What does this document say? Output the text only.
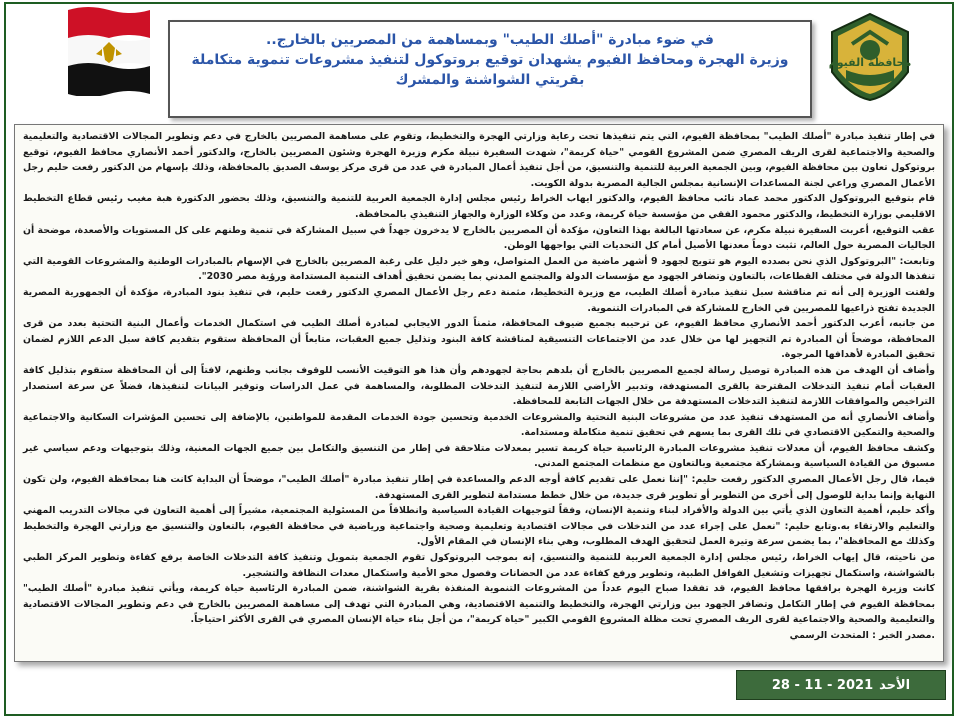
محافظة الفيوم

في ضوء مبادرة "أصلك الطيب" وبمساهمة من المصريين بالخارج..

وزيرة الهجرة ومحافظ الفيوم يشهدان توقيع بروتوكول لتنفيذ مشروعات تنموية متكاملة بقريتي الشواشنة والمشرك

في إطار تنفيذ مبادرة "أصلك الطيب" بمحافظة الفيوم، التي يتم تنفيذها تحت رعاية وزارتي الهجرة والتخطيط، وتقوم على مساهمة المصريين بالخارج في دعم وتطوير المجالات الاقتصادية والتعليمية والصحية والاجتماعية لقرى الريف المصري ضمن المشروع القومي "حياة كريمة"، شهدت السفيرة نبيلة مكرم وزيرة الهجرة وشئون المصريين بالخارج، والدكتور أحمد الأنصاري محافظ الفيوم، توقيع بروتوكول تعاون بين محافظة الفيوم، وبين الجمعية العربية للتنمية والتنسيق، من أجل تنفيذ أعمال المبادرة في عدد من قرى مركز يوسف الصديق بالمحافظة، وذلك بإسهام من الدكتور رفعت حليم رجل الأعمال المصري وراعي لجنة المساعدات الإنسانية بمجلس الجالية المصرية بدولة الكويت.

قام بتوقيع البروتوكول الدكتور محمد عماد نائب محافظ الفيوم، والدكتور ايهاب الخراط رئيس مجلس إدارة الجمعية العربية للتنمية والتنسيق، وذلك بحضور الدكتورة هبة مغيب رئيس قطاع التخطيط الاقليمي بوزارة التخطيط، والدكتور محمود الفقي من مؤسسة حياة كريمة، وعدد من وكلاء الوزارة والجهاز التنفيذي بالمحافظة.

عقب التوقيع، أعربت السفيرة نبيلة مكرم، عن سعادتها البالغة بهذا التعاون، مؤكدة أن المصريين بالخارج لا يدخرون جهداً في سبيل المشاركة في تنمية وطنهم على كل المستويات والأصعدة، موضحة أن الجاليات المصرية حول العالم، تثبت دوماً معدنها الأصيل أمام كل التحديات التي يواجهها الوطن.

وتابعت: "البروتوكول الذي نحن بصدده اليوم هو تتويج لجهود 9 أشهر ماضية من العمل المتواصل، وهو خير دليل على رغبة المصريين بالخارج في الإسهام بالمبادرات الوطنية والمشروعات القومية التي تنفذها الدولة في مختلف القطاعات، بالتعاون وتضافر الجهود مع مؤسسات الدولة والمجتمع المدني بما يضمن تحقيق أهداف التنمية المستدامة ورؤية مصر 2030".

ولفتت الوزيرة إلى أنه تم مناقشة سبل تنفيذ مبادرة أصلك الطيب، مع وزيرة التخطيط، مثمنة دعم رجل الأعمال المصري الدكتور رفعت حليم، في تنفيذ بنود المبادرة، مؤكدة أن الجمهورية المصرية الجديدة تفتح ذراعيها للمصريين في الخارج للمشاركة في المبادرات التنموية.

من جانبه، أعرب الدكتور أحمد الأنصاري محافظ الفيوم، عن ترحيبه بجميع ضيوف المحافظة، مثمناً الدور الايجابي لمبادرة أصلك الطيب في استكمال الخدمات وأعمال البنية التحتية بعدد من قرى المحافظة، موضحاً أن المبادرة تم التجهيز لها من خلال عدد من الاجتماعات التنسيقية لمناقشة كافة البنود وتذليل جميع العقبات، متابعاً أن المحافظة ستقوم بتقديم كافة سبل الدعم اللازم لضمان تحقيق المبادرة لأهدافها المرجوة.

وأضاف أن الهدف من هذه المبادرة توصيل رسالة لجميع المصريين بالخارج أن بلدهم بحاجة لجهودهم وأن هذا هو التوقيت الأنسب للوقوف بجانب وطنهم، لافتاً إلى أن المحافظة ستقوم بتذليل كافة العقبات أمام تنفيذ التدخلات المقترحة بالقرى المستهدفة، وتدبير الأراضي اللازمة لتنفيذ التدخلات المطلوبة، والمساهمة في عمل الدراسات وتوفير البيانات لتنفيذها، فضلاً عن سرعة استصدار التراخيص والموافقات اللازمة لتنفيذ التدخلات المستهدفة من خلال الجهات التابعة للمحافظة.

وأضاف الأنصاري أنه من المستهدف تنفيذ عدد من مشروعات البنية التحتية والمشروعات الخدمية وتحسين جودة الخدمات المقدمة للمواطنين، بالإضافة إلى تحسين المؤشرات السكانية والاجتماعية والصحية والتمكين الاقتصادي في تلك القرى بما يسهم في تحقيق تنمية متكاملة ومستدامة.

وكشف محافظ الفيوم، أن معدلات تنفيذ مشروعات المبادرة الرئاسية حياة كريمة تسير بمعدلات متلاحقة في إطار من التنسيق والتكامل بين جميع الجهات المعنية، وذلك بتوجيهات ودعم سياسي غير مسبوق من القيادة السياسية وبمشاركة مجتمعية وبالتعاون مع منظمات المجتمع المدني.

فيما، قال رجل الأعمال المصري الدكتور رفعت حليم: "إننا نعمل على تقديم كافة أوجه الدعم والمساعدة في إطار تنفيذ مبادرة "أصلك الطيب"، موضحاً أن البداية كانت هنا بمحافظة الفيوم، ولن تكون النهاية وإنما بداية للوصول إلى أخرى من التطوير أو تطوير قرى جديدة، من خلال خطط مستدامة لتطوير القرى المستهدفة.

وأكد حليم، أهمية التعاون الذي يأتي بين الدولة والأفراد لبناء وتنمية الإنسان، وفقاً لتوجيهات القيادة السياسية وانطلاقاً من المسئولية المجتمعية، مشيراً إلى أهمية التعاون في مجالات التدريب المهني والتعليم والارتقاء به.وتابع حليم: "نعمل على إجراء عدد من التدخلات في مجالات اقتصادية وتعليمية وصحية واجتماعية ورياضية في محافظة الفيوم، بالتعاون والتنسيق مع وزارتي الهجرة والتخطيط وكذلك مع المحافظة"، بما يضمن سرعة وتيرة العمل لتحقيق الهدف المطلوب، وهي بناء الإنسان في المقام الأول.

من ناحيته، قال إيهاب الخراط، رئيس مجلس إدارة الجمعية العربية للتنمية والتنسيق، إنه بموجب البروتوكول تقوم الجمعية بتمويل وتنفيذ كافة التدخلات الخاصة برفع كفاءة وتطوير المركز الطبي بالشواشنة، واستكمال تجهيزات وتشغيل الفوافل الطبية، وتطوير ورفع كفاءة عدد من الحضانات وفصول محو الأمية واستكمال معدات النظافة والتشجير.

كانت وزيرة الهجرة برافقها محافظ الفيوم، قد تفقدا صباح اليوم عدداً من المشروعات التنموية المنفذة بقرية الشواشنة، ضمن المبادرة الرئاسية حياة كريمة، ويأتي تنفيذ مبادرة "أصلك الطيب" بمحافظة الفيوم في إطار التكامل وتضافر الجهود بين وزارتي الهجرة، والتخطيط والتنمية الاقتصادية، وهي المبادرة التي تهدف إلى مساهمة المصريين بالخارج في دعم وتطوير المجالات الاقتصادية والتعليمية والصحية والاجتماعية لقرى الريف المصري تحت مظلة المشروع القومي الكبير "حياة كريمة"، من أجل بناء حياة الإنسان المصري في القرى الأكثر احتياجاً.

.مصدر الخبر : المتحدث الرسمي

28 - 11 - 2021 الأحد
